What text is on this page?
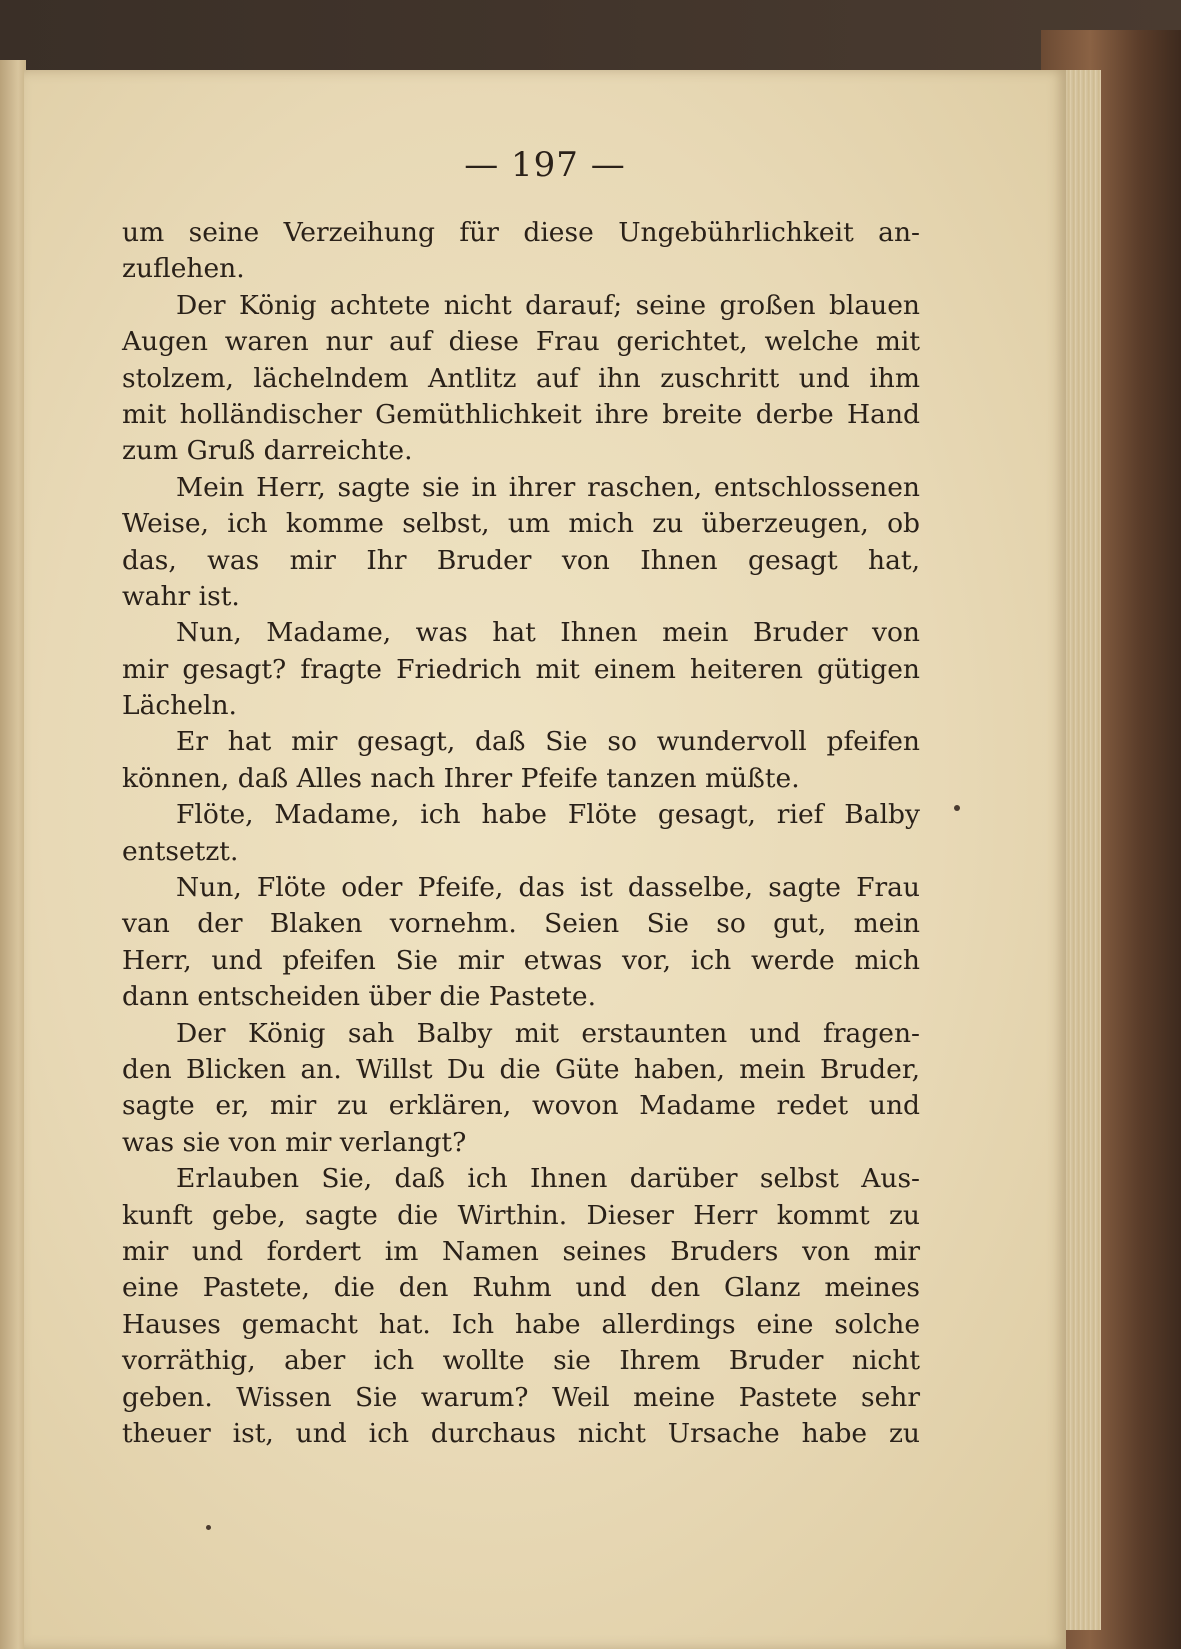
— 197 —
um seine Verzeihung für diese Ungebührlichkeit an-
zuflehen.
Der König achtete nicht darauf; seine großen blauen
Augen waren nur auf diese Frau gerichtet, welche mit
stolzem, lächelndem Antlitz auf ihn zuschritt und ihm
mit holländischer Gemüthlichkeit ihre breite derbe Hand
zum Gruß darreichte.
Mein Herr, sagte sie in ihrer raschen, entschlossenen
Weise, ich komme selbst, um mich zu überzeugen, ob
das, was mir Ihr Bruder von Ihnen gesagt hat,
wahr ist.
Nun, Madame, was hat Ihnen mein Bruder von
mir gesagt? fragte Friedrich mit einem heiteren gütigen
Lächeln.
Er hat mir gesagt, daß Sie so wundervoll pfeifen
können, daß Alles nach Ihrer Pfeife tanzen müßte.
Flöte, Madame, ich habe Flöte gesagt, rief Balby
entsetzt.
Nun, Flöte oder Pfeife, das ist dasselbe, sagte Frau
van der Blaken vornehm. Seien Sie so gut, mein
Herr, und pfeifen Sie mir etwas vor, ich werde mich
dann entscheiden über die Pastete.
Der König sah Balby mit erstaunten und fragen-
den Blicken an. Willst Du die Güte haben, mein Bruder,
sagte er, mir zu erklären, wovon Madame redet und
was sie von mir verlangt?
Erlauben Sie, daß ich Ihnen darüber selbst Aus-
kunft gebe, sagte die Wirthin. Dieser Herr kommt zu
mir und fordert im Namen seines Bruders von mir
eine Pastete, die den Ruhm und den Glanz meines
Hauses gemacht hat. Ich habe allerdings eine solche
vorräthig, aber ich wollte sie Ihrem Bruder nicht
geben. Wissen Sie warum? Weil meine Pastete sehr
theuer ist, und ich durchaus nicht Ursache habe zu
